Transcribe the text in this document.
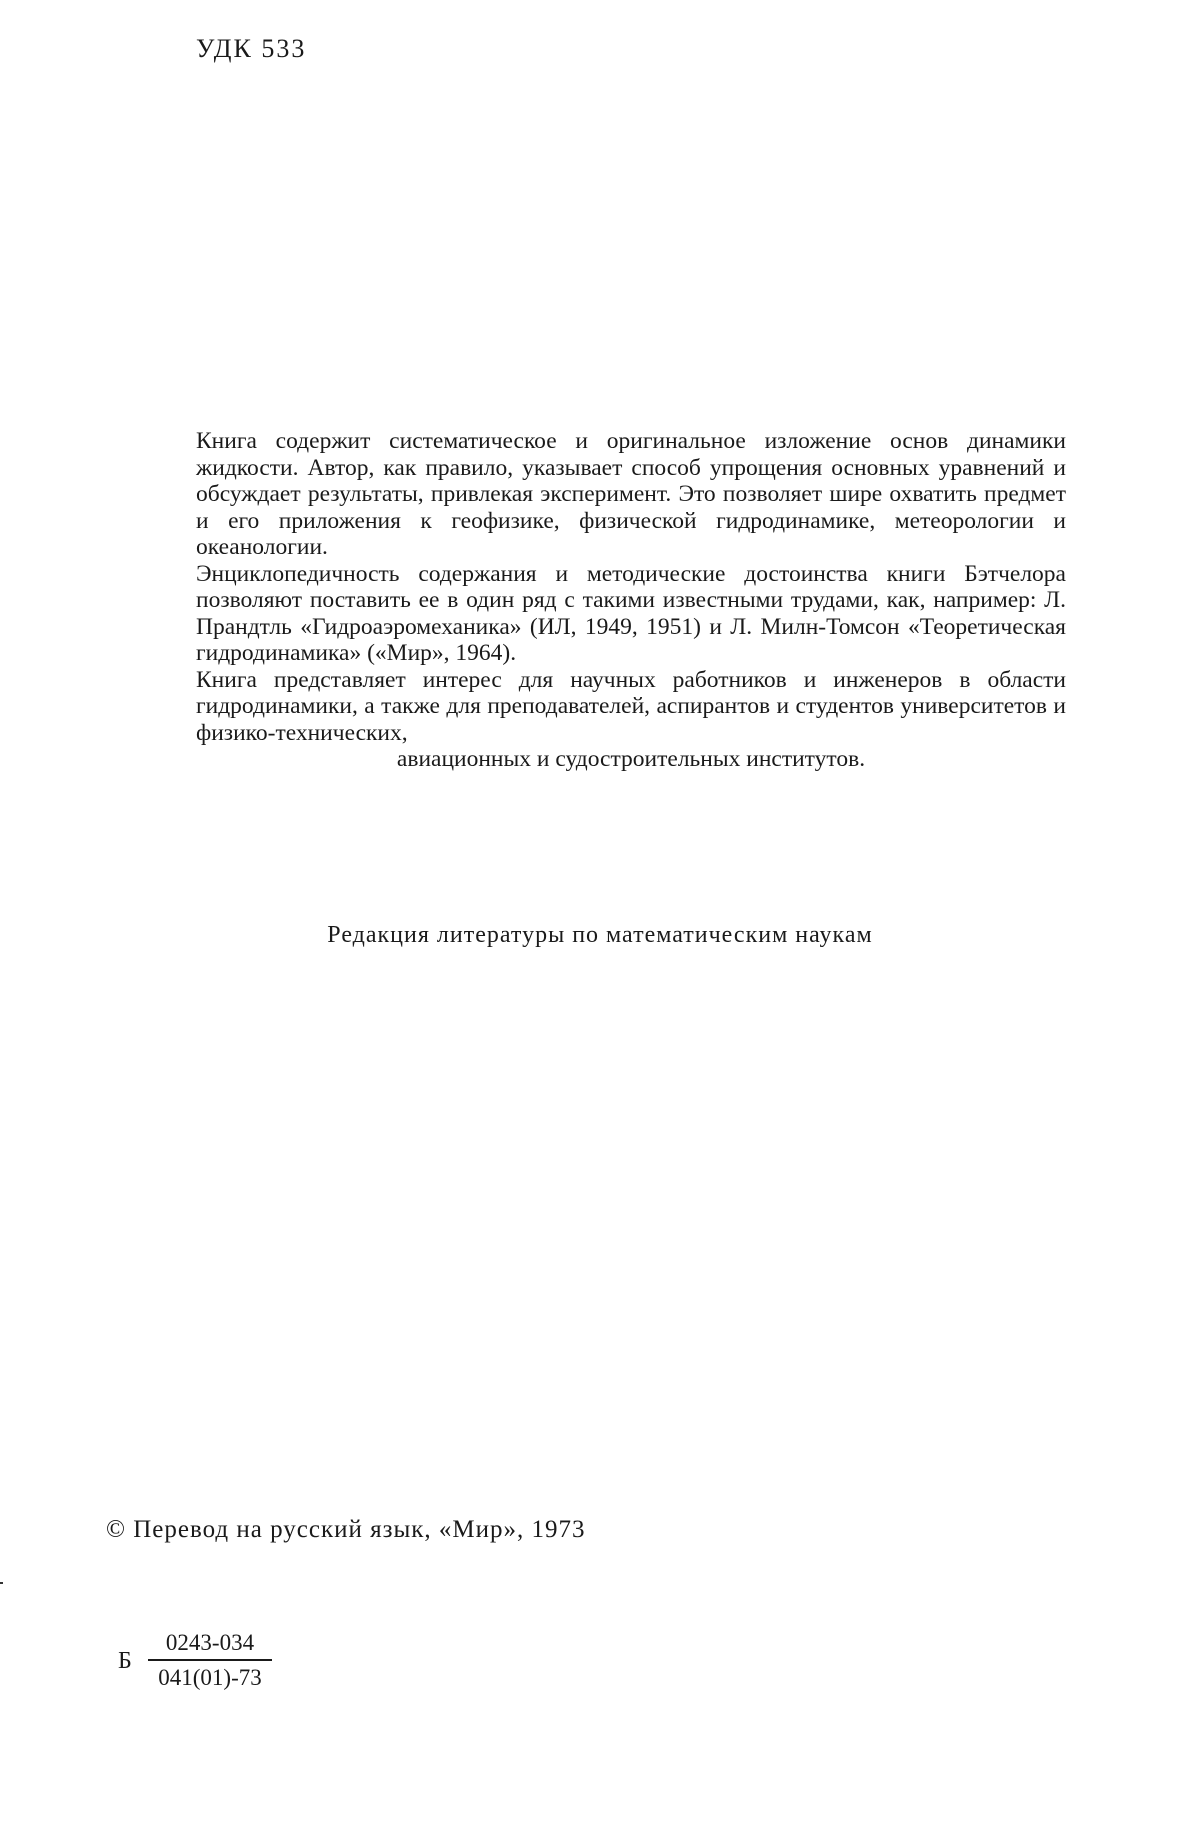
УДК 533

Книга содержит систематическое и оригинальное изложение основ динамики жидкости. Автор, как правило, указывает способ упрощения основных уравнений и обсуждает результаты, привлекая эксперимент. Это позволяет шире охватить предмет и его приложения к геофизике, физической гидродинамике, метеорологии и океанологии.

Энциклопедичность содержания и методические достоинства книги Бэтчелора позволяют поставить ее в один ряд с такими известными трудами, как, например: Л. Прандтль «Гидроаэромеханика» (ИЛ, 1949, 1951) и Л. Милн-Томсон «Теоретическая гидродинамика» («Мир», 1964).

Книга представляет интерес для научных работников и инженеров в области гидродинамики, а также для преподавателей, аспирантов и студентов университетов и физико-технических,

авиационных и судостроительных институтов.

Редакция литературы по математическим наукам
© Перевод на русский язык, «Мир», 1973
Б
0243-034
041(01)-73
